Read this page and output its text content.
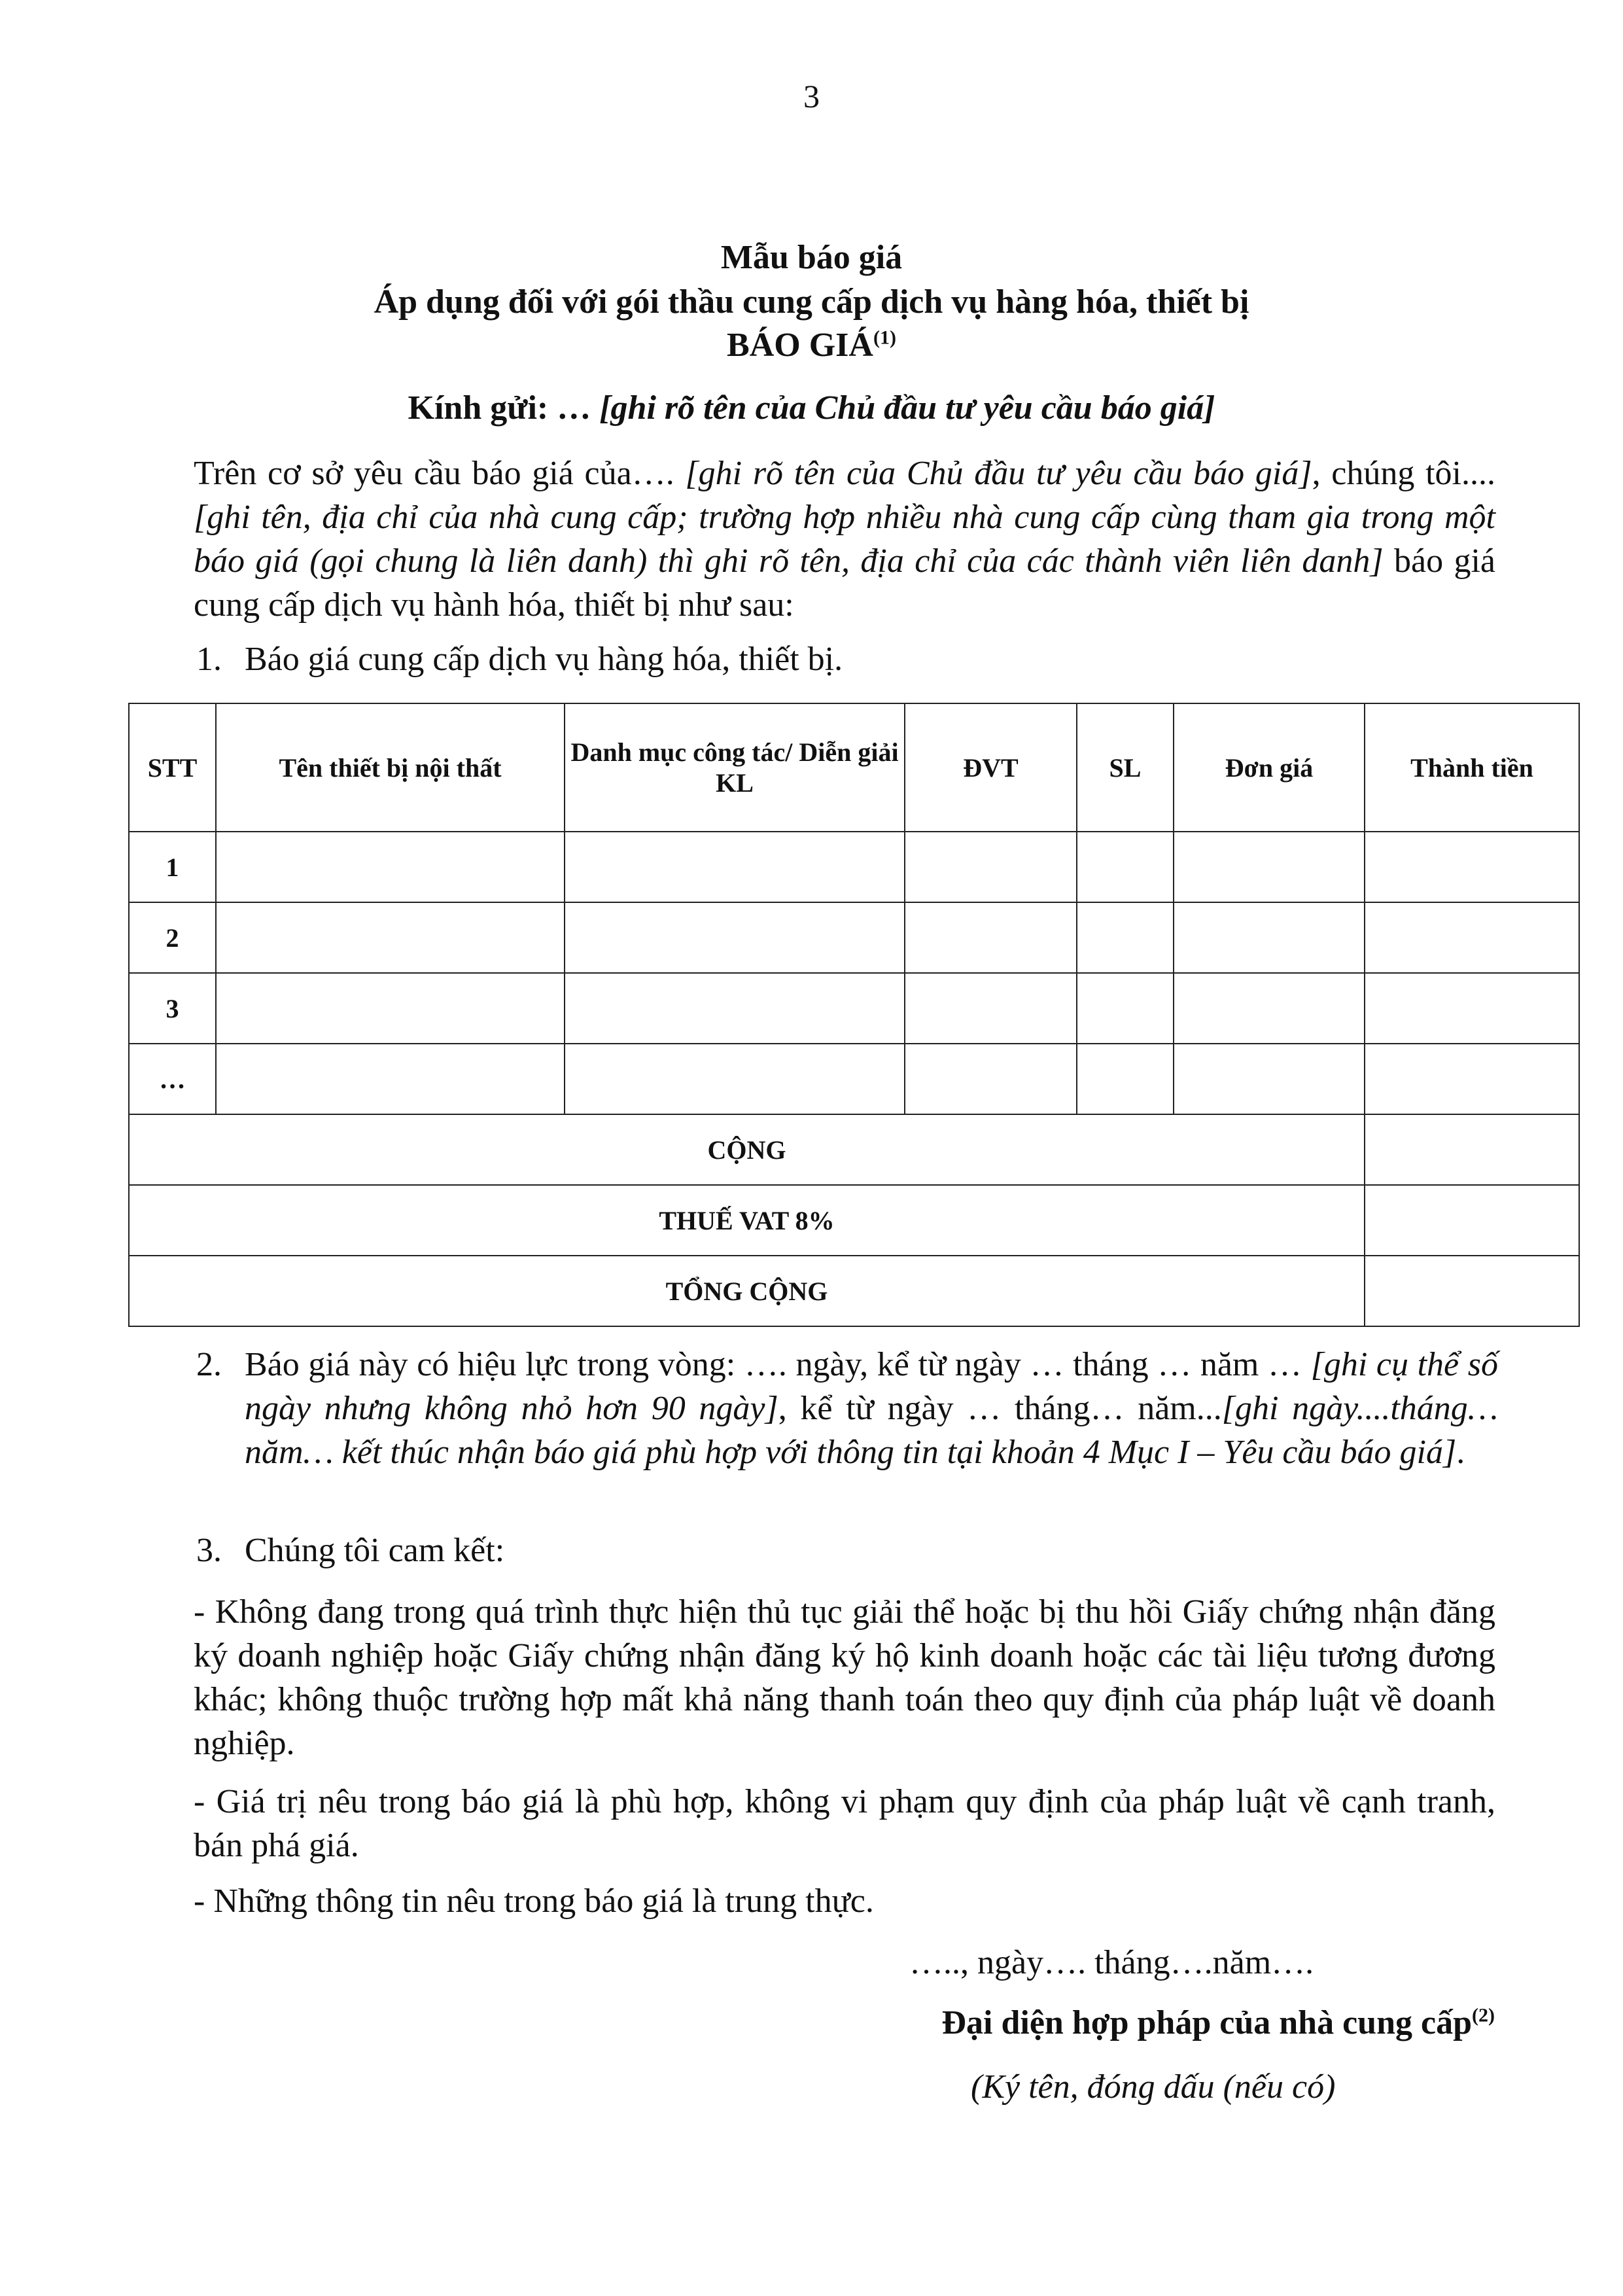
3
Mẫu báo giá
Áp dụng đối với gói thầu cung cấp dịch vụ hàng hóa, thiết bị
BÁO GIÁ$^{(1)}$
Kính gửi: … [ghi rõ tên của Chủ đầu tư yêu cầu báo giá]
Trên cơ sở yêu cầu báo giá của…. [ghi rõ tên của Chủ đầu tư yêu cầu báo giá], chúng tôi....[ghi tên, địa chỉ của nhà cung cấp; trường hợp nhiều nhà cung cấp cùng tham gia trong một báo giá (gọi chung là liên danh) thì ghi rõ tên, địa chỉ của các thành viên liên danh] báo giá cung cấp dịch vụ hành hóa, thiết bị như sau:
1. Báo giá cung cấp dịch vụ hàng hóa, thiết bị.
STT	Tên thiết bị nội thất	Danh mục công tác/ Diễn giải KL	ĐVT	SL	Đơn giá	Thành tiền
1						
2						
3						
…						
CỘNG						
THUẾ VAT 8%						
TỔNG CỘNG						
2. Báo giá này có hiệu lực trong vòng: …. ngày, kể từ ngày … tháng … năm … [ghi cụ thể số ngày nhưng không nhỏ hơn 90 ngày], kể từ ngày … tháng… năm...[ghi ngày....tháng…năm… kết thúc nhận báo giá phù hợp với thông tin tại khoản 4 Mục I – Yêu cầu báo giá].
3. Chúng tôi cam kết:
- Không đang trong quá trình thực hiện thủ tục giải thể hoặc bị thu hồi Giấy chứng nhận đăng ký doanh nghiệp hoặc Giấy chứng nhận đăng ký hộ kinh doanh hoặc các tài liệu tương đương khác; không thuộc trường hợp mất khả năng thanh toán theo quy định của pháp luật về doanh nghiệp.
- Giá trị nêu trong báo giá là phù hợp, không vi phạm quy định của pháp luật về cạnh tranh, bán phá giá.
- Những thông tin nêu trong báo giá là trung thực.
….., ngày…. tháng….năm….
Đại diện hợp pháp của nhà cung cấp$^{(2)}$
(Ký tên, đóng dấu (nếu có)
